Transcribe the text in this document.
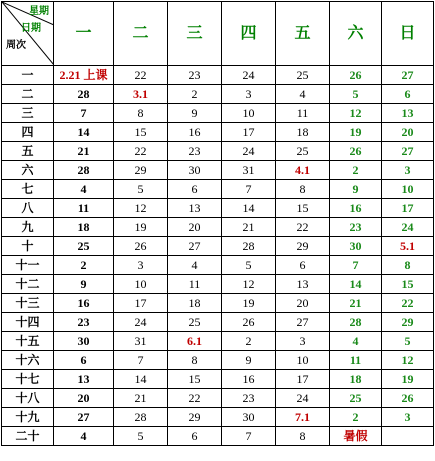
星期
日期
周次	一	二	三	四	五	六	日
一	2.21 上课	22	23	24	25	26	27
二	28	3.1	2	3	4	5	6
三	7	8	9	10	11	12	13
四	14	15	16	17	18	19	20
五	21	22	23	24	25	26	27
六	28	29	30	31	4.1	2	3
七	4	5	6	7	8	9	10
八	11	12	13	14	15	16	17
九	18	19	20	21	22	23	24
十	25	26	27	28	29	30	5.1
十一	2	3	4	5	6	7	8
十二	9	10	11	12	13	14	15
十三	16	17	18	19	20	21	22
十四	23	24	25	26	27	28	29
十五	30	31	6.1	2	3	4	5
十六	6	7	8	9	10	11	12
十七	13	14	15	16	17	18	19
十八	20	21	22	23	24	25	26
十九	27	28	29	30	7.1	2	3
二十	4	5	6	7	8	暑假	
